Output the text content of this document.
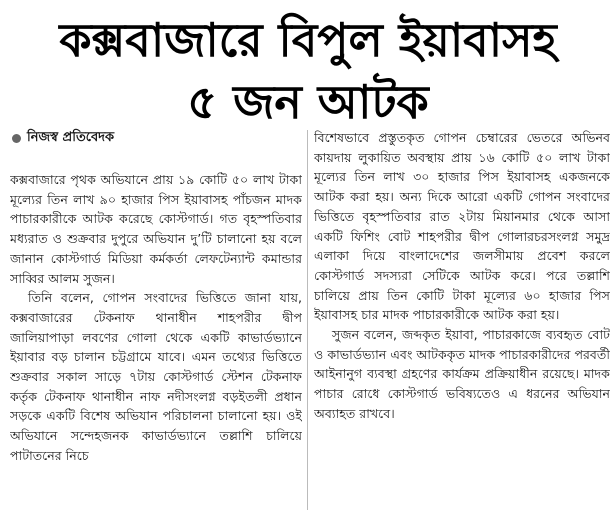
কক্সবাজারে বিপুল ইয়াবাসহ
৫ জন আটক
নিজস্ব প্রতিবেদক

কক্সবাজারে পৃথক অভিযানে প্রায় ১৯ কোটি ৫০ লাখ টাকা মূল্যের তিন লাখ ৯০ হাজার পিস ইয়াবাসহ পাঁচজন মাদক পাচারকারীকে আটক করেছে কোস্টগার্ড। গত বৃহস্পতিবার মধ্যরাত ও শুক্রবার দুপুরে অভিযান দু’টি চালানো হয় বলে জানান কোস্টগার্ড মিডিয়া কর্মকর্তা লেফটেন্যান্ট কমান্ডার সাব্বির আলম সুজন।

তিনি বলেন, গোপন সংবাদের ভিত্তিতে জানা যায়, কক্সবাজারের টেকনাফ থানাধীন শাহপরীর দ্বীপ জালিয়াপাড়া লবণের গোলা থেকে একটি কাভার্ডভ্যানে ইয়াবার বড় চালান চট্টগ্রামে যাবে। এমন তথ্যের ভিত্তিতে শুক্রবার সকাল সাড়ে ৭টায় কোস্টগার্ড স্টেশন টেকনাফ কর্তৃক টেকনাফ থানাধীন নাফ নদীসংলগ্ন বড়ইতলী প্রধান সড়কে একটি বিশেষ অভিযান পরিচালনা চালানো হয়। ওই অভিযানে সন্দেহজনক কাভার্ডভ্যানে তল্লাশি চালিয়ে পাটাতনের নিচে

বিশেষভাবে প্রস্তুতকৃত গোপন চেম্বারের ভেতরে অভিনব কায়দায় লুকায়িত অবস্থায় প্রায় ১৬ কোটি ৫০ লাখ টাকা মূল্যের তিন লাখ ৩০ হাজার পিস ইয়াবাসহ একজনকে আটক করা হয়। অন্য দিকে আরো একটি গোপন সংবাদের ভিত্তিতে বৃহস্পতিবার রাত ২টায় মিয়ানমার থেকে আসা একটি ফিশিং বোট শাহপরীর দ্বীপ গোলারচরসংলগ্ন সমুদ্র এলাকা দিয়ে বাংলাদেশের জলসীমায় প্রবেশ করলে কোস্টগার্ড সদস্যরা সেটিকে আটক করে। পরে তল্লাশি চালিয়ে প্রায় তিন কোটি টাকা মূল্যের ৬০ হাজার পিস ইয়াবাসহ চার মাদক পাচারকারীকে আটক করা হয়।

সুজন বলেন, জব্দকৃত ইয়াবা, পাচারকাজে ব্যবহৃত বোট ও কাভার্ডভ্যান এবং আটককৃত মাদক পাচারকারীদের পরবর্তী আইনানুগ ব্যবস্থা গ্রহণের কার্যক্রম প্রক্রিয়াধীন রয়েছে। মাদক পাচার রোধে কোস্টগার্ড ভবিষ্যতেও এ ধরনের অভিযান অব্যাহত রাখবে।
